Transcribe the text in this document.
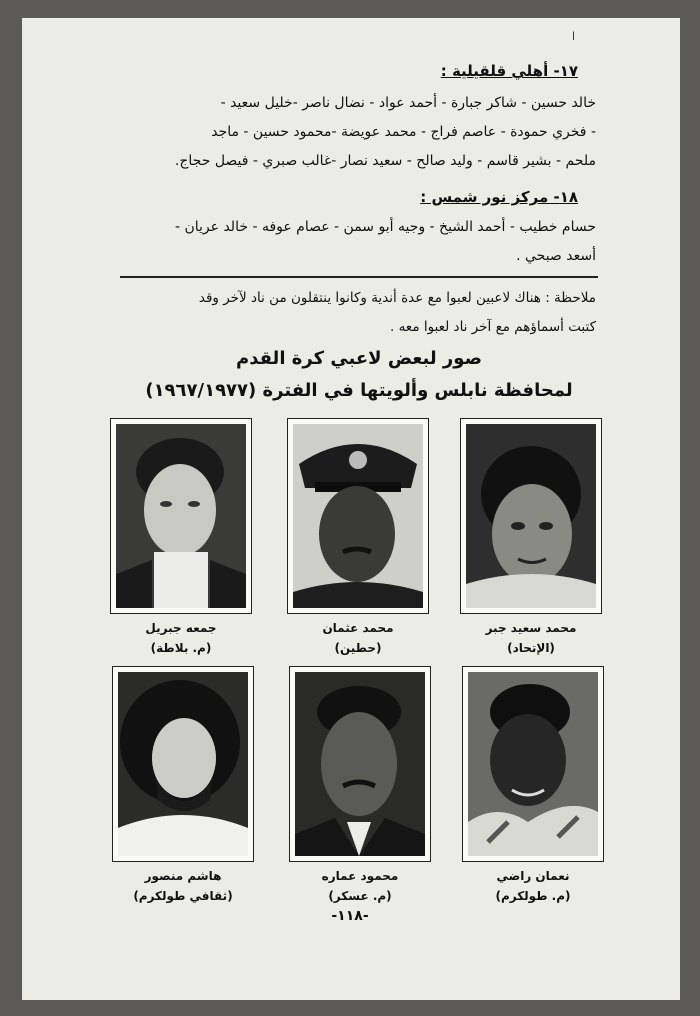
ا
١٧- أهلي قلقيلية :

خالد حسين - شاكر جبارة - أحمد عواد - نضال ناصر -خليل سعيد -

- فخري حمودة - عاصم فراج - محمد عويضة -محمود حسين - ماجد

ملحم - بشير قاسم - وليد صالح - سعيد نصار -غالب صبري - فيصل حجاج.

١٨- مركز نور شمس :

حسام خطيب - أحمد الشيخ - وجيه أبو سمن - عصام عوفه - خالد عريان -

أسعد صبحي .

ملاحظة : هناك لاعبين لعبوا مع عدة أندية وكانوا ينتقلون من ناد لآخر وقد

كتبت أسماؤهم مع آخر ناد لعبوا معه .

صور لبعض لاعبي كرة القدم
لمحافظة نابلس وألويتها في الفترة (١٩٦٧/١٩٧٧)
محمد سعيد جبر
(الإتحاد)
محمد عثمان
(حطين)
جمعه جبريل
(م. بلاطة)
نعمان راضي
(م. طولكرم)
محمود عماره
(م. عسكر)
هاشم منصور
(ثقافي طولكرم)
-١١٨-
